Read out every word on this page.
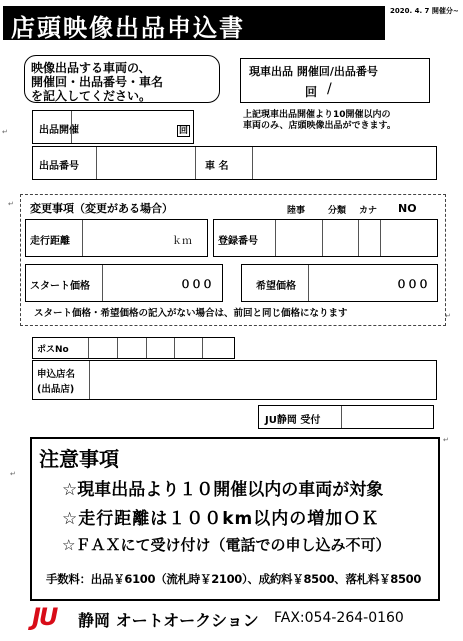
店頭映像出品申込書
2020. 4. 7 開催分~
映像出品する車両の、
開催回・出品番号・車名
を記入してください。
現車出品 開催回/出品番号
回 /
上記現車出品開催より10開催以内の
車両のみ、店頭映像出品ができます。
出品開催	回
出品番号	車 名
変更事項（変更がある場合）	陸事	分類 カナ NO
走行距離	ｋｍ	登録番号
スタート価格	０００	希望価格	０００
スタート価格・希望価格の記入がない場合は、前回と同じ価格になります
ポスNo
申込店名
(出品店)
JU静岡 受付
注意事項
☆現車出品より１０開催以内の車両が対象
☆走行距離は１００km以内の増加ＯＫ
☆ＦＡＸにて受け付け（電話での申し込み不可）
手数料：出品￥6100（流札時￥2100）、成約料￥8500、落札料￥8500
JU 静岡 オートオークション FAX:054-264-0160
↵
↵
↵
↵
↵
